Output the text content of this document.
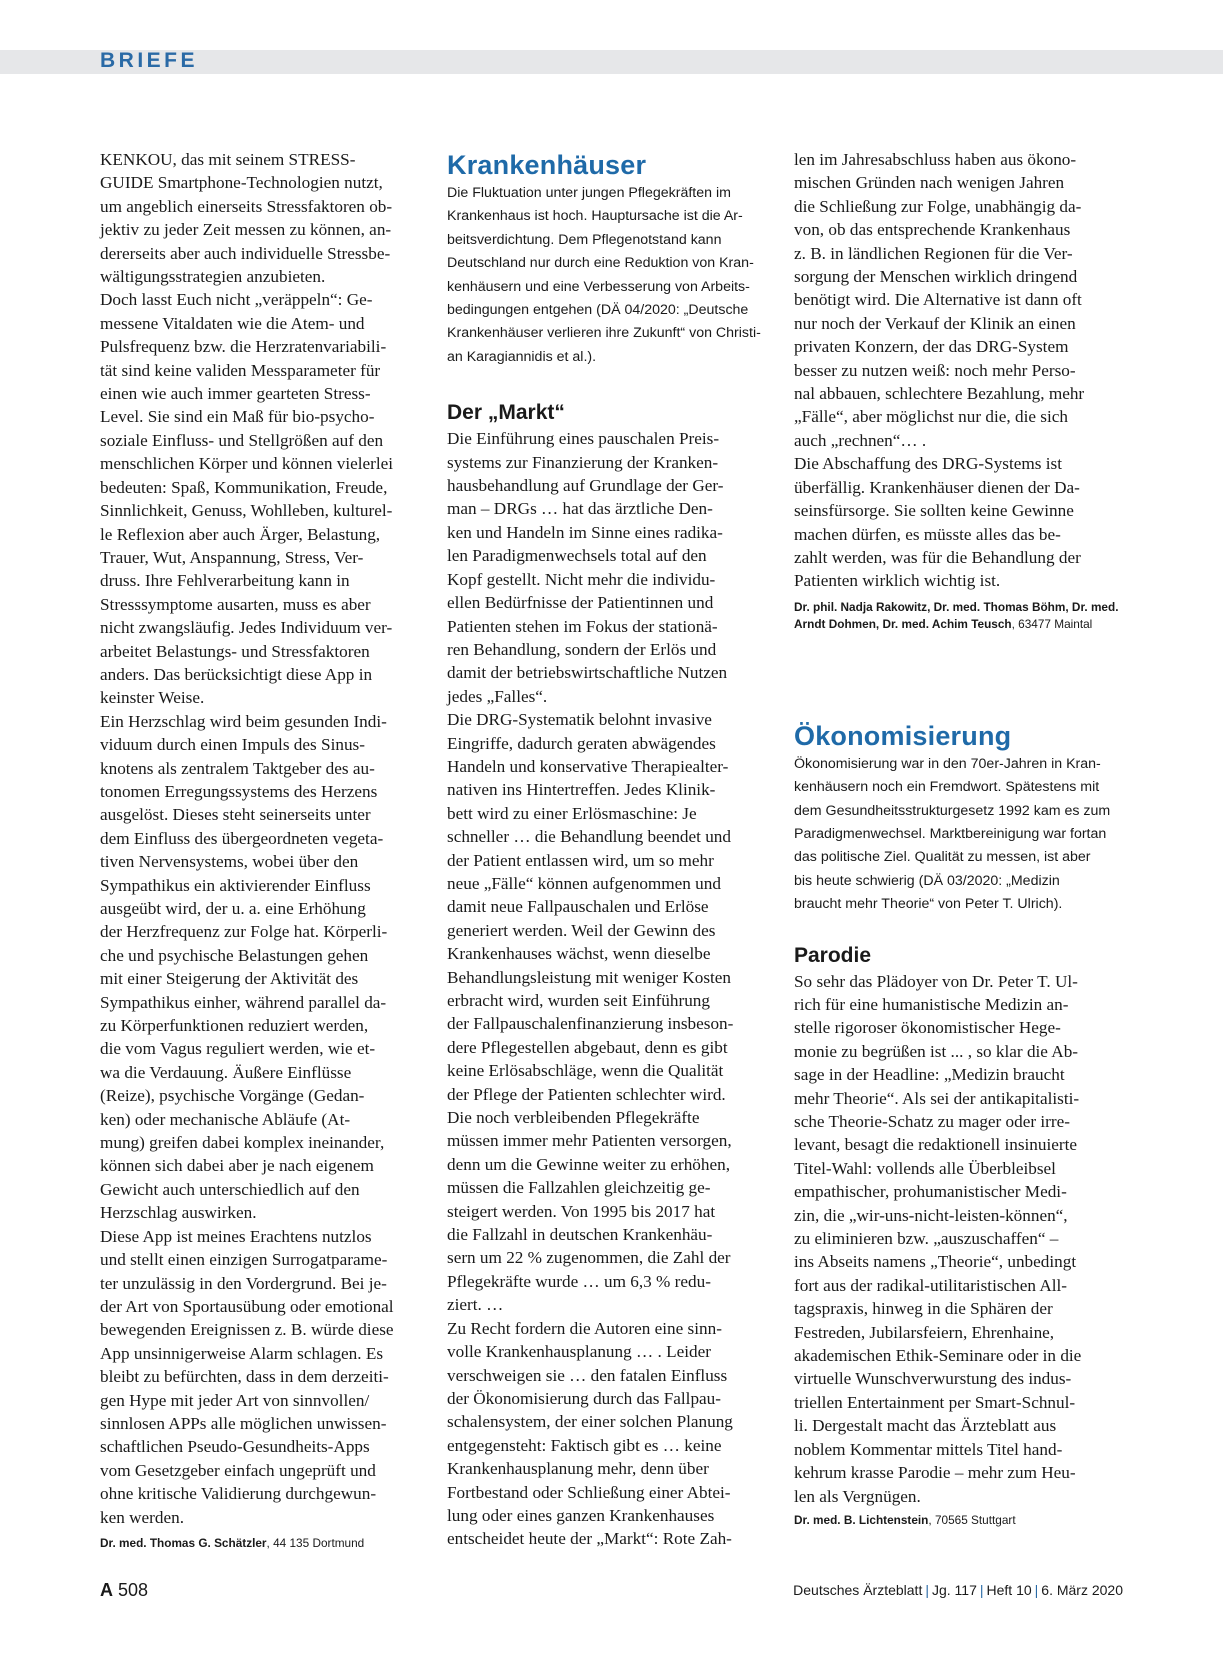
BRIEFE

KENKOU, das mit seinem STRESS-

GUIDE Smartphone-Technologien nutzt,

um angeblich einerseits Stressfaktoren ob-

jektiv zu jeder Zeit messen zu können, an-

dererseits aber auch individuelle Stressbe-

wältigungsstrategien anzubieten.

Doch lasst Euch nicht „veräppeln“: Ge-

messene Vitaldaten wie die Atem- und

Pulsfrequenz bzw. die Herzratenvariabili-

tät sind keine validen Messparameter für

einen wie auch immer gearteten Stress-

Level. Sie sind ein Maß für bio-psycho-

soziale Einfluss- und Stellgrößen auf den

menschlichen Körper und können vielerlei

bedeuten: Spaß, Kommunikation, Freude,

Sinnlichkeit, Genuss, Wohlleben, kulturel-

le Reflexion aber auch Ärger, Belastung,

Trauer, Wut, Anspannung, Stress, Ver-

druss. Ihre Fehlverarbeitung kann in

Stresssymptome ausarten, muss es aber

nicht zwangsläufig. Jedes Individuum ver-

arbeitet Belastungs- und Stressfaktoren

anders. Das berücksichtigt diese App in

keinster Weise.

Ein Herzschlag wird beim gesunden Indi-

viduum durch einen Impuls des Sinus-

knotens als zentralem Taktgeber des au-

tonomen Erregungssystems des Herzens

ausgelöst. Dieses steht seinerseits unter

dem Einfluss des übergeordneten vegeta-

tiven Nervensystems, wobei über den

Sympathikus ein aktivierender Einfluss

ausgeübt wird, der u. a. eine Erhöhung

der Herzfrequenz zur Folge hat. Körperli-

che und psychische Belastungen gehen

mit einer Steigerung der Aktivität des

Sympathikus einher, während parallel da-

zu Körperfunktionen reduziert werden,

die vom Vagus reguliert werden, wie et-

wa die Verdauung. Äußere Einflüsse

(Reize), psychische Vorgänge (Gedan-

ken) oder mechanische Abläufe (At-

mung) greifen dabei komplex ineinander,

können sich dabei aber je nach eigenem

Gewicht auch unterschiedlich auf den

Herzschlag auswirken.

Diese App ist meines Erachtens nutzlos

und stellt einen einzigen Surrogatparame-

ter unzulässig in den Vordergrund. Bei je-

der Art von Sportausübung oder emotional

bewegenden Ereignissen z. B. würde diese

App unsinnigerweise Alarm schlagen. Es

bleibt zu befürchten, dass in dem derzeiti-

gen Hype mit jeder Art von sinnvollen/

sinnlosen APPs alle möglichen unwissen-

schaftlichen Pseudo-Gesundheits-Apps

vom Gesetzgeber einfach ungeprüft und

ohne kritische Validierung durchgewun-

ken werden.

Dr. med. Thomas G. Schätzler, 44 135 Dortmund

Krankenhäuser

Die Fluktuation unter jungen Pflegekräften im

Krankenhaus ist hoch. Hauptursache ist die Ar-

beitsverdichtung. Dem Pflegenotstand kann

Deutschland nur durch eine Reduktion von Kran-

kenhäusern und eine Verbesserung von Arbeits-

bedingungen entgehen (DÄ 04/2020: „Deutsche

Krankenhäuser verlieren ihre Zukunft“ von Christi-

an Karagiannidis et al.).

Der „Markt“

Die Einführung eines pauschalen Preis-

systems zur Finanzierung der Kranken-

hausbehandlung auf Grundlage der Ger-

man – DRGs … hat das ärztliche Den-

ken und Handeln im Sinne eines radika-

len Paradigmenwechsels total auf den

Kopf gestellt. Nicht mehr die individu-

ellen Bedürfnisse der Patientinnen und

Patienten stehen im Fokus der stationä-

ren Behandlung, sondern der Erlös und

damit der betriebswirtschaftliche Nutzen

jedes „Falles“.

Die DRG-Systematik belohnt invasive

Eingriffe, dadurch geraten abwägendes

Handeln und konservative Therapiealter-

nativen ins Hintertreffen. Jedes Klinik-

bett wird zu einer Erlösmaschine: Je

schneller … die Behandlung beendet und

der Patient entlassen wird, um so mehr

neue „Fälle“ können aufgenommen und

damit neue Fallpauschalen und Erlöse

generiert werden. Weil der Gewinn des

Krankenhauses wächst, wenn dieselbe

Behandlungsleistung mit weniger Kosten

erbracht wird, wurden seit Einführung

der Fallpauschalenfinanzierung insbeson-

dere Pflegestellen abgebaut, denn es gibt

keine Erlösabschläge, wenn die Qualität

der Pflege der Patienten schlechter wird.

Die noch verbleibenden Pflegekräfte

müssen immer mehr Patienten versorgen,

denn um die Gewinne weiter zu erhöhen,

müssen die Fallzahlen gleichzeitig ge-

steigert werden. Von 1995 bis 2017 hat

die Fallzahl in deutschen Krankenhäu-

sern um 22 % zugenommen, die Zahl der

Pflegekräfte wurde … um 6,3 % redu-

ziert. …

Zu Recht fordern die Autoren eine sinn-

volle Krankenhausplanung … . Leider

verschweigen sie … den fatalen Einfluss

der Ökonomisierung durch das Fallpau-

schalensystem, der einer solchen Planung

entgegensteht: Faktisch gibt es … keine

Krankenhausplanung mehr, denn über

Fortbestand oder Schließung einer Abtei-

lung oder eines ganzen Krankenhauses

entscheidet heute der „Markt“: Rote Zah-

len im Jahresabschluss haben aus ökono-

mischen Gründen nach wenigen Jahren

die Schließung zur Folge, unabhängig da-

von, ob das entsprechende Krankenhaus

z. B. in ländlichen Regionen für die Ver-

sorgung der Menschen wirklich dringend

benötigt wird. Die Alternative ist dann oft

nur noch der Verkauf der Klinik an einen

privaten Konzern, der das DRG-System

besser zu nutzen weiß: noch mehr Perso-

nal abbauen, schlechtere Bezahlung, mehr

„Fälle“, aber möglichst nur die, die sich

auch „rechnen“… .

Die Abschaffung des DRG-Systems ist

überfällig. Krankenhäuser dienen der Da-

seinsfürsorge. Sie sollten keine Gewinne

machen dürfen, es müsste alles das be-

zahlt werden, was für die Behandlung der

Patienten wirklich wichtig ist.

Dr. phil. Nadja Rakowitz, Dr. med. Thomas Böhm, Dr. med.
Arndt Dohmen, Dr. med. Achim Teusch, 63477 Maintal

Ökonomisierung

Ökonomisierung war in den 70er-Jahren in Kran-

kenhäusern noch ein Fremdwort. Spätestens mit

dem Gesundheitsstrukturgesetz 1992 kam es zum

Paradigmenwechsel. Marktbereinigung war fortan

das politische Ziel. Qualität zu messen, ist aber

bis heute schwierig (DÄ 03/2020: „Medizin

braucht mehr Theorie“ von Peter T. Ulrich).

Parodie

So sehr das Plädoyer von Dr. Peter T. Ul-

rich für eine humanistische Medizin an-

stelle rigoroser ökonomistischer Hege-

monie zu begrüßen ist ... , so klar die Ab-

sage in der Headline: „Medizin braucht

mehr Theorie“. Als sei der antikapitalisti-

sche Theorie-Schatz zu mager oder irre-

levant, besagt die redaktionell insinuierte

Titel-Wahl: vollends alle Überbleibsel

empathischer, prohumanistischer Medi-

zin, die „wir-uns-nicht-leisten-können“,

zu eliminieren bzw. „auszuschaffen“ –

ins Abseits namens „Theorie“, unbedingt

fort aus der radikal-utilitaristischen All-

tagspraxis, hinweg in die Sphären der

Festreden, Jubilarsfeiern, Ehrenhaine,

akademischen Ethik-Seminare oder in die

virtuelle Wunschverwurstung des indus-

triellen Entertainment per Smart-Schnul-

li. Dergestalt macht das Ärzteblatt aus

noblem Kommentar mittels Titel hand-

kehrum krasse Parodie – mehr zum Heu-

len als Vergnügen.

Dr. med. B. Lichtenstein, 70565 Stuttgart

A 508	Deutsches Ärzteblatt | Jg. 117 | Heft 10 | 6. März 2020
